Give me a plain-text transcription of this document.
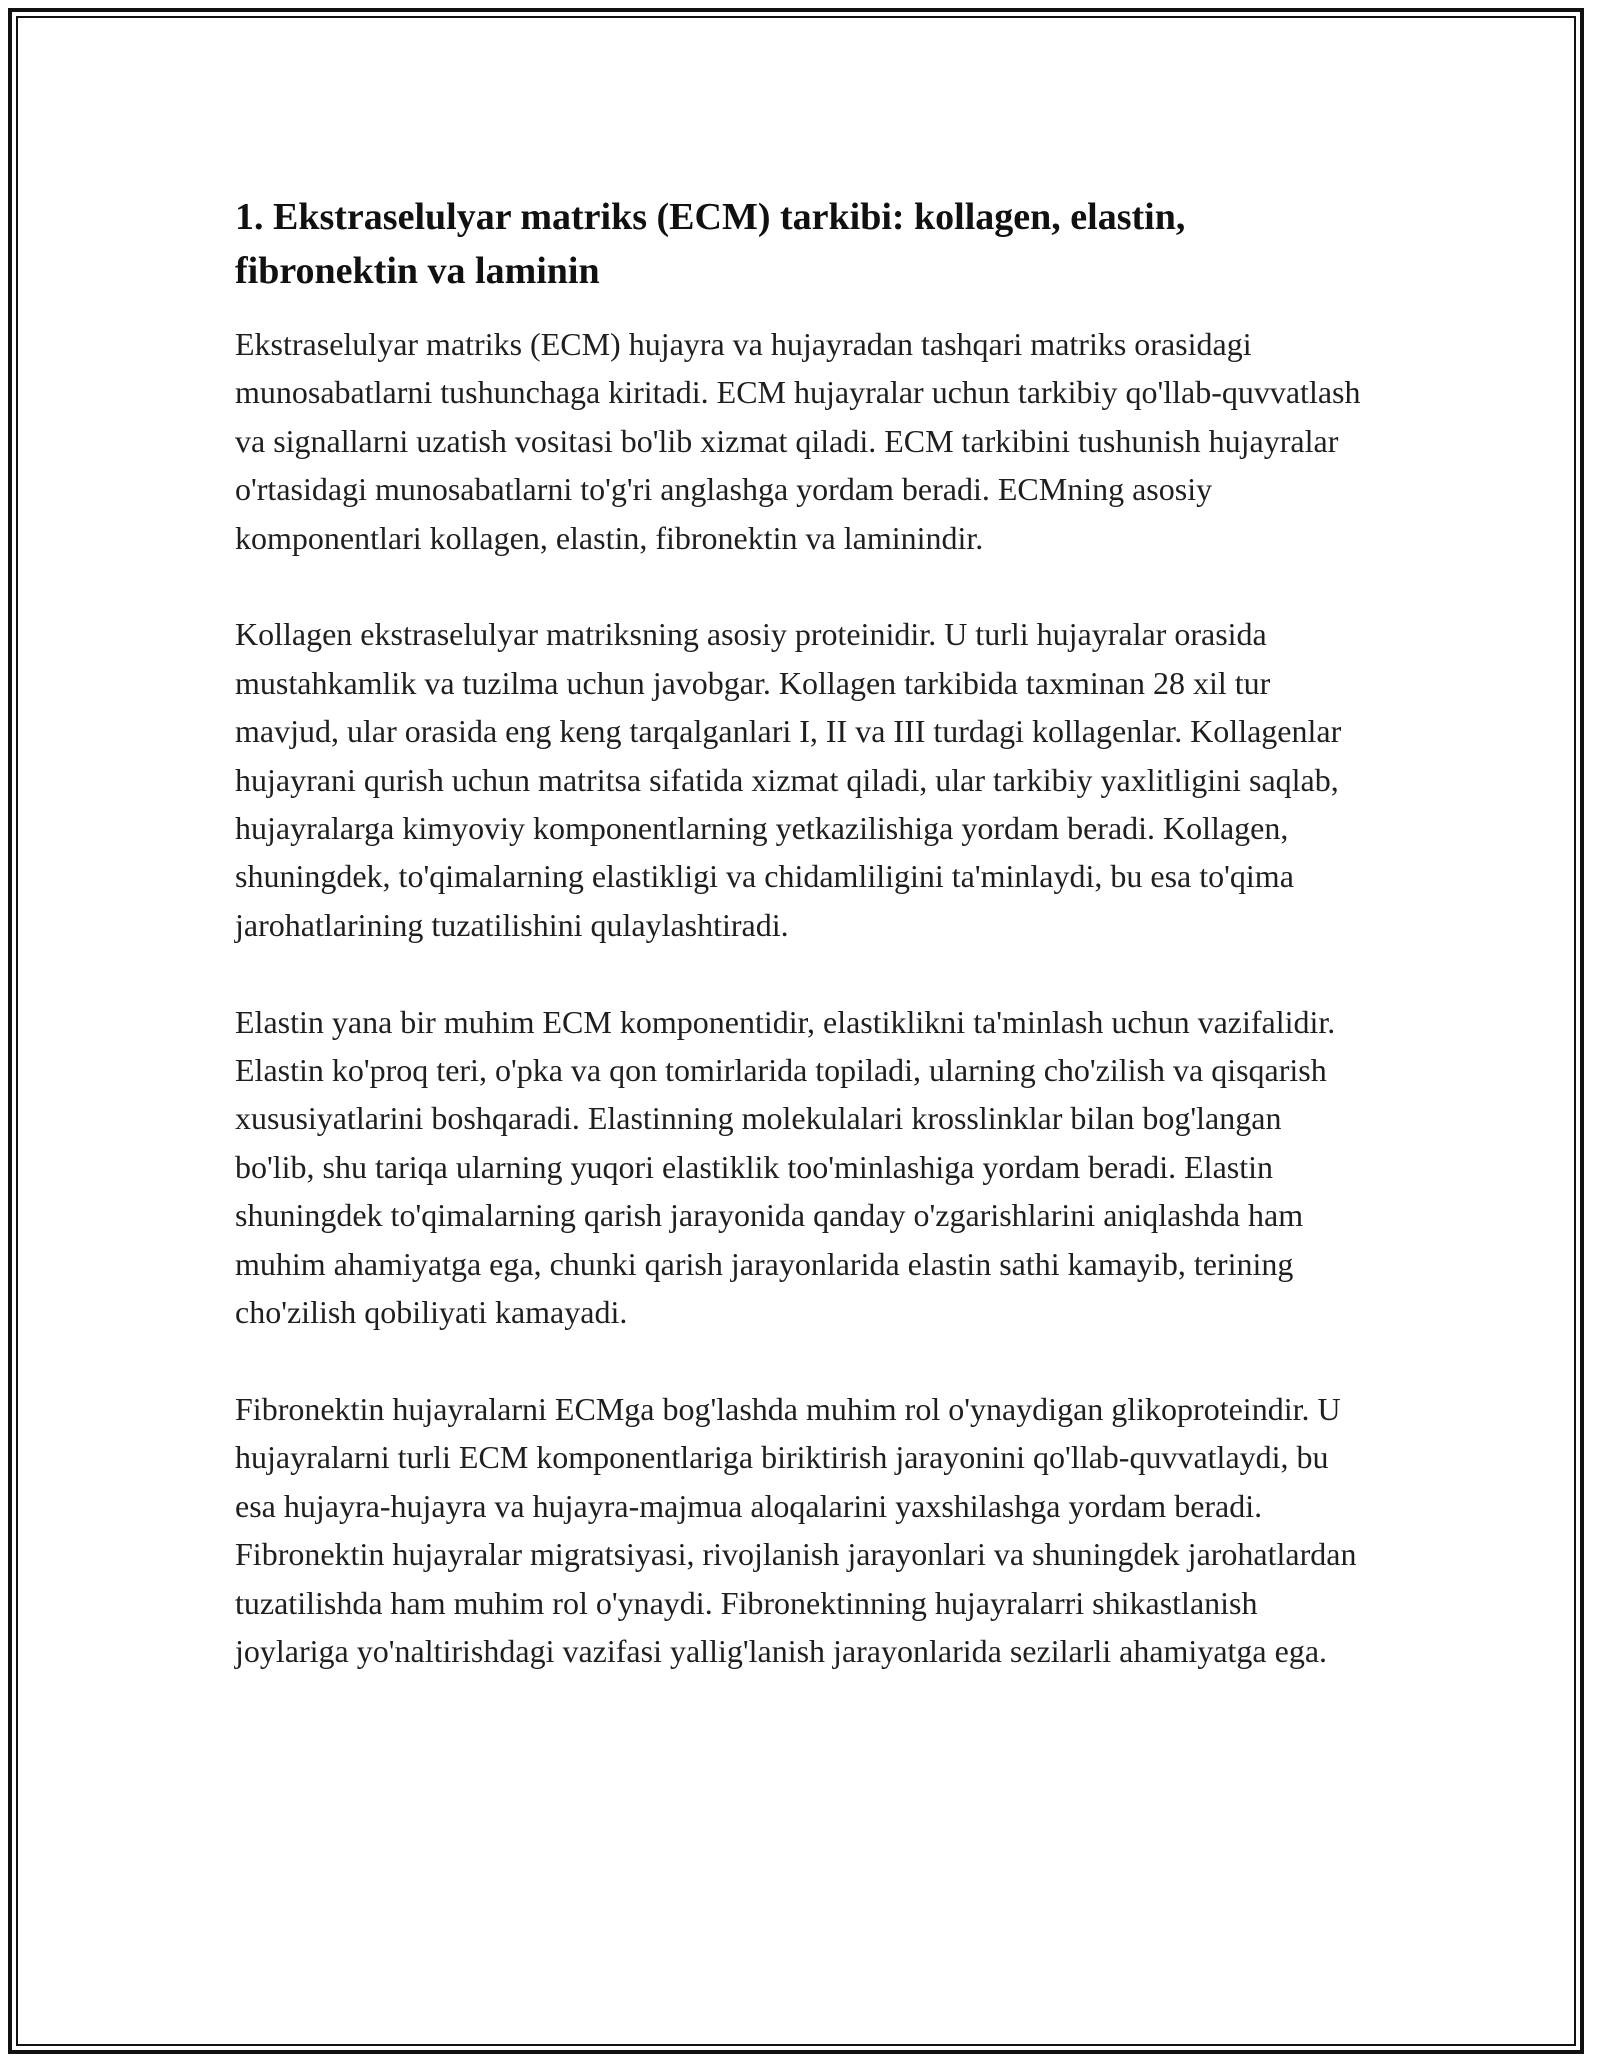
1. Ekstraselulyar matriks (ECM) tarkibi: kollagen, elastin, fibronektin va laminin

Ekstraselulyar matriks (ECM) hujayra va hujayradan tashqari matriks orasidagi munosabatlarni tushunchaga kiritadi. ECM hujayralar uchun tarkibiy qo'llab-quvvatlash va signallarni uzatish vositasi bo'lib xizmat qiladi. ECM tarkibini tushunish hujayralar o'rtasidagi munosabatlarni to'g'ri anglashga yordam beradi. ECMning asosiy komponentlari kollagen, elastin, fibronektin va laminindir.

Kollagen ekstraselulyar matriksning asosiy proteinidir. U turli hujayralar orasida mustahkamlik va tuzilma uchun javobgar. Kollagen tarkibida taxminan 28 xil tur mavjud, ular orasida eng keng tarqalganlari I, II va III turdagi kollagenlar. Kollagenlar hujayrani qurish uchun matritsa sifatida xizmat qiladi, ular tarkibiy yaxlitligini saqlab, hujayralarga kimyoviy komponentlarning yetkazilishiga yordam beradi. Kollagen, shuningdek, to'qimalarning elastikligi va chidamliligini ta'minlaydi, bu esa to'qima jarohatlarining tuzatilishini qulaylashtiradi.

Elastin yana bir muhim ECM komponentidir, elastiklikni ta'minlash uchun vazifalidir. Elastin ko'proq teri, o'pka va qon tomirlarida topiladi, ularning cho'zilish va qisqarish xususiyatlarini boshqaradi. Elastinning molekulalari krosslinklar bilan bog'langan bo'lib, shu tariqa ularning yuqori elastiklik too'minlashiga yordam beradi. Elastin shuningdek to'qimalarning qarish jarayonida qanday o'zgarishlarini aniqlashda ham muhim ahamiyatga ega, chunki qarish jarayonlarida elastin sathi kamayib, terining cho'zilish qobiliyati kamayadi.

Fibronektin hujayralarni ECMga bog'lashda muhim rol o'ynaydigan glikoproteindir. U hujayralarni turli ECM komponentlariga biriktirish jarayonini qo'llab-quvvatlaydi, bu esa hujayra-hujayra va hujayra-majmua aloqalarini yaxshilashga yordam beradi. Fibronektin hujayralar migratsiyasi, rivojlanish jarayonlari va shuningdek jarohatlardan tuzatilishda ham muhim rol o'ynaydi. Fibronektinning hujayralarri shikastlanish joylariga yo'naltirishdagi vazifasi yallig'lanish jarayonlarida sezilarli ahamiyatga ega.
